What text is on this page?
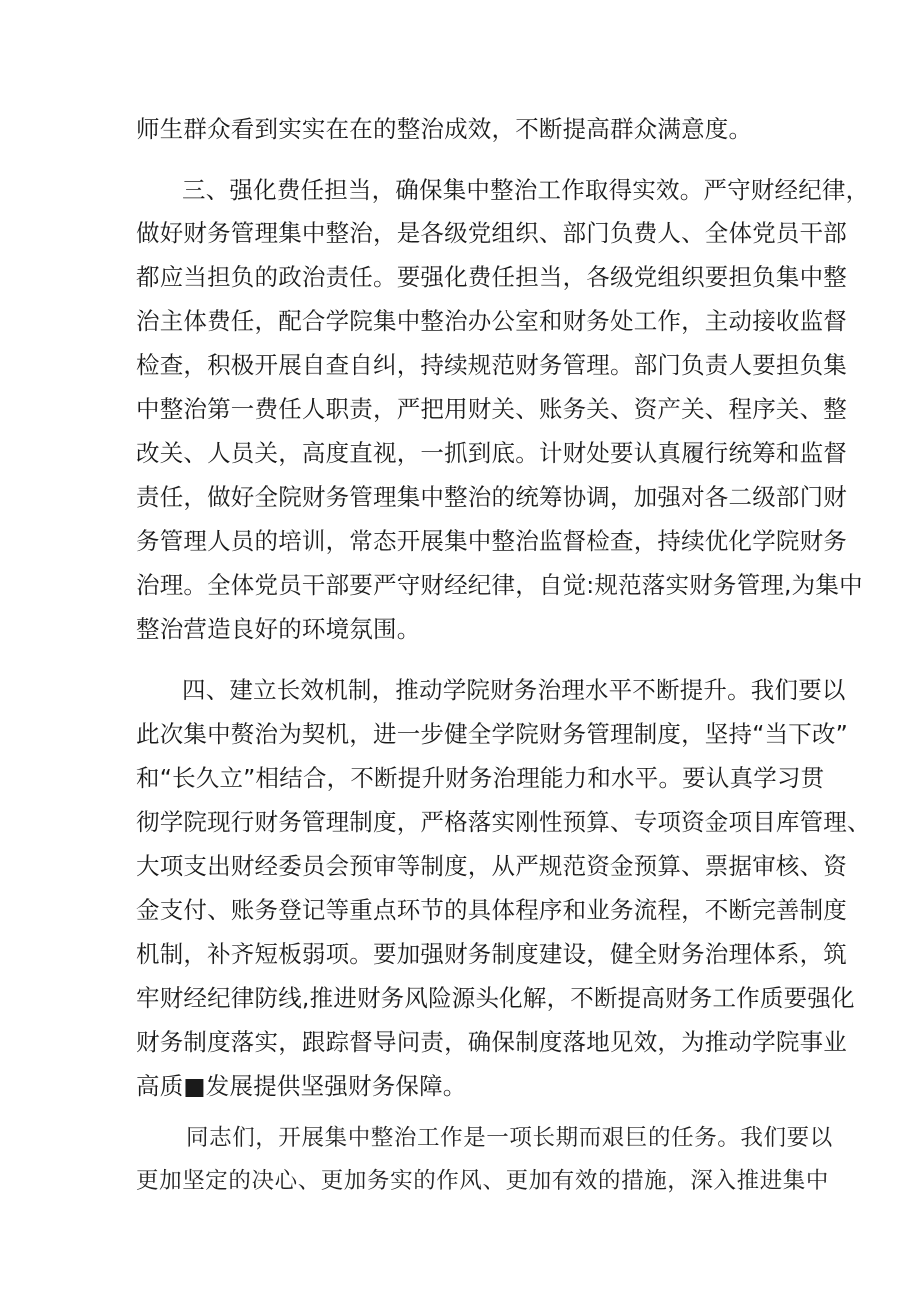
师生群众看到实实在在的整治成效，不断提高群众满意度。

三、强化费任担当，确保集中整治工作取得实效。严守财经纪律，

做好财务管理集中整治，是各级党组织、部门负费人、全体党员干部

都应当担负的政治责任。要强化费任担当，各级党组织要担负集中整

治主体费任，配合学院集中整治办公室和财务处工作，主动接收监督

检查，积极开展自查自纠，持续规范财务管理。部门负责人要担负集

中整治第一费任人职责，严把用财关、账务关、资产关、程序关、整

改关、人员关，高度直视，一抓到底。计财处要认真履行统筹和监督

责任，做好全院财务管理集中整治的统筹协调，加强对各二级部门财

务管理人员的培训，常态开展集中整治监督检查，持续优化学院财务

治理。全体党员干部要严守财经纪律，自觉:规范落实财务管理,为集中

整治营造良好的环境氛围。

四、建立长效机制，推动学院财务治理水平不断提升。我们要以

此次集中赘治为契机，进一步健全学院财务管理制度，坚持“当下改”

和“长久立”相结合，不断提升财务治理能力和水平。要认真学习贯

彻学院现行财务管理制度，严格落实刚性预算、专项资金项目库管理、

大项支出财经委员会预审等制度，从严规范资金预算、票据审核、资

金支付、账务登记等重点环节的具体程序和业务流程，不断完善制度

机制，补齐短板弱项。要加强财务制度建设，健全财务治理体系，筑

牢财经纪律防线,推进财务风险源头化解，不断提高财务工作质要强化

财务制度落实，跟踪督导问责，确保制度落地见效，为推动学院事业

高质■发展提供坚强财务保障。

同志们，开展集中整治工作是一项长期而艰巨的任务。我们要以

更加坚定的决心、更加务实的作风、更加有效的措施，深入推进集中
